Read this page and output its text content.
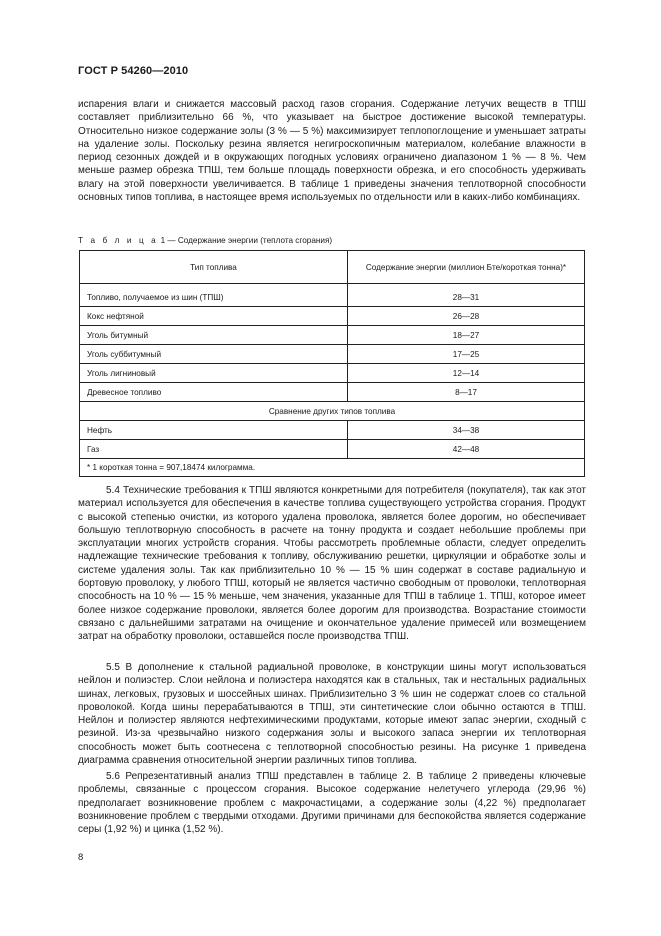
ГОСТ Р 54260—2010

испарения влаги и снижается массовый расход газов сгорания. Содержание летучих веществ в ТПШ составляет приблизительно 66 %, что указывает на быстрое достижение высокой температуры. Относительно низкое содержание золы (3 % — 5 %) максимизирует теплопоглощение и уменьшает затраты на удаление золы. Поскольку резина является негигроскопичным материалом, колебание влажности в период сезонных дождей и в окружающих погодных условиях ограничено диапазоном 1 % — 8 %. Чем меньше размер обрезка ТПШ, тем больше площадь поверхности обрезка, и его способность удерживать влагу на этой поверхности увеличивается. В таблице 1 приведены значения теплотворной способности основных типов топлива, в настоящее время используемых по отдельности или в каких-либо комбинациях.

Т а б л и ц а 1 — Содержание энергии (теплота сгорания)
Тип топлива	Содержание энергии (миллион Бте/короткая тонна)*
Топливо, получаемое из шин (ТПШ)	28—31
Кокс нефтяной	26—28
Уголь битумный	18—27
Уголь суббитумный	17—25
Уголь лигнинoвый	12—14
Древесное топливо	8—17
Сравнение других типов топлива	
Нефть	34—38
Газ	42—48
* 1 короткая тонна = 907,18474 килограмма.	

5.4 Технические требования к ТПШ являются конкретными для потребителя (покупателя), так как этот материал используется для обеспечения в качестве топлива существующего устройства сгорания. Продукт с высокой степенью очистки, из которого удалена проволока, является более дорогим, но обеспечивает большую теплотворную способность в расчете на тонну продукта и создает небольшие проблемы при эксплуатации многих устройств сгорания. Чтобы рассмотреть проблемные области, следует определить надлежащие технические требования к топливу, обслуживанию решетки, циркуляции и обработке золы и системе удаления золы. Так как приблизительно 10 % — 15 % шин содержат в составе радиальную и бортовую проволоку, у любого ТПШ, который не является частично свободным от проволоки, теплотворная способность на 10 % — 15 % меньше, чем значения, указанные для ТПШ в таблице 1. ТПШ, которое имеет более низкое содержание проволоки, является более дорогим для производства. Возрастание стоимости связано с дальнейшими затратами на очищение и окончательное удаление примесей или возмещением затрат на обработку проволоки, оставшейся после производства ТПШ.

5.5 В дополнение к стальной радиальной проволоке, в конструкции шины могут использоваться нейлон и полиэстер. Слои нейлона и полиэстера находятся как в стальных, так и нестальных радиальных шинах, легковых, грузовых и шоссейных шинах. Приблизительно 3 % шин не содержат слоев со стальной проволокой. Когда шины перерабатываются в ТПШ, эти синтетические слои обычно остаются в ТПШ. Нейлон и полиэстер являются нефтехимическими продуктами, которые имеют запас энергии, сходный с резиной. Из-за чрезвычайно низкого содержания золы и высокого запаса энергии их теплотворная способность может быть соотнесена с теплотворной способностью резины. На рисунке 1 приведена диаграмма сравнения относительной энергии различных типов топлива.

5.6 Репрезентативный анализ ТПШ представлен в таблице 2. В таблице 2 приведены ключевые проблемы, связанные с процессом сгорания. Высокое содержание нелетучего углерода (29,96 %) предполагает возникновение проблем с макрочастицами, а содержание золы (4,22 %) предполагает возникновение проблем с твердыми отходами. Другими причинами для беспокойства является содержание серы (1,92 %) и цинка (1,52 %).

8
